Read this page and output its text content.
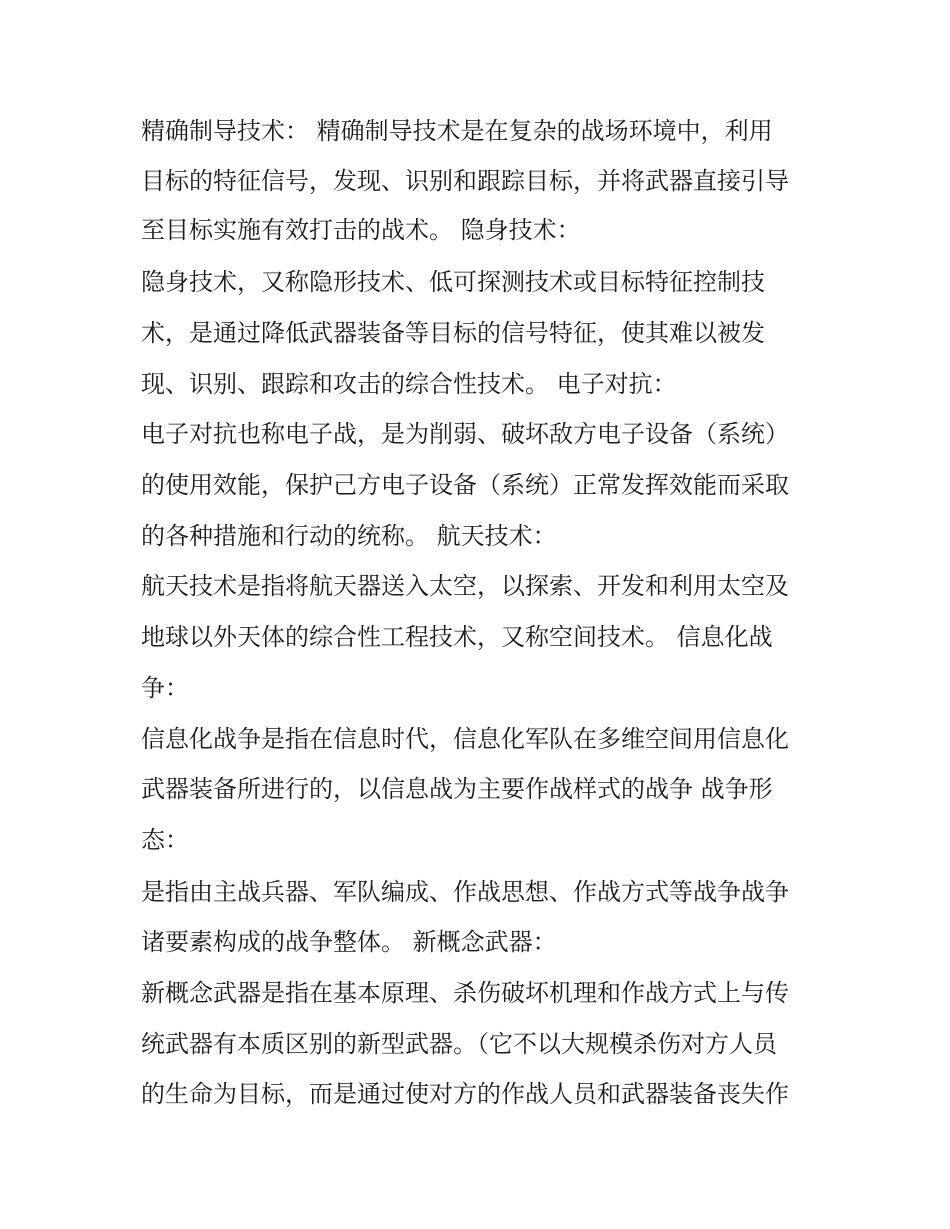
精确制导技术： 精确制导技术是在复杂的战场环境中，利用

目标的特征信号，发现、识别和跟踪目标，并将武器直接引导

至目标实施有效打击的战术。 隐身技术：

隐身技术，又称隐形技术、低可探测技术或目标特征控制技

术，是通过降低武器装备等目标的信号特征，使其难以被发

现、识别、跟踪和攻击的综合性技术。 电子对抗：

电子对抗也称电子战，是为削弱、破坏敌方电子设备（系统）

的使用效能，保护己方电子设备（系统）正常发挥效能而采取

的各种措施和行动的统称。 航天技术：

航天技术是指将航天器送入太空，以探索、开发和利用太空及

地球以外天体的综合性工程技术，又称空间技术。 信息化战

争：

信息化战争是指在信息时代，信息化军队在多维空间用信息化

武器装备所进行的，以信息战为主要作战样式的战争 战争形

态：

是指由主战兵器、军队编成、作战思想、作战方式等战争战争

诸要素构成的战争整体。 新概念武器：

新概念武器是指在基本原理、杀伤破坏机理和作战方式上与传

统武器有本质区别的新型武器。（它不以大规模杀伤对方人员

的生命为目标，而是通过使对方的作战人员和武器装备丧失作
